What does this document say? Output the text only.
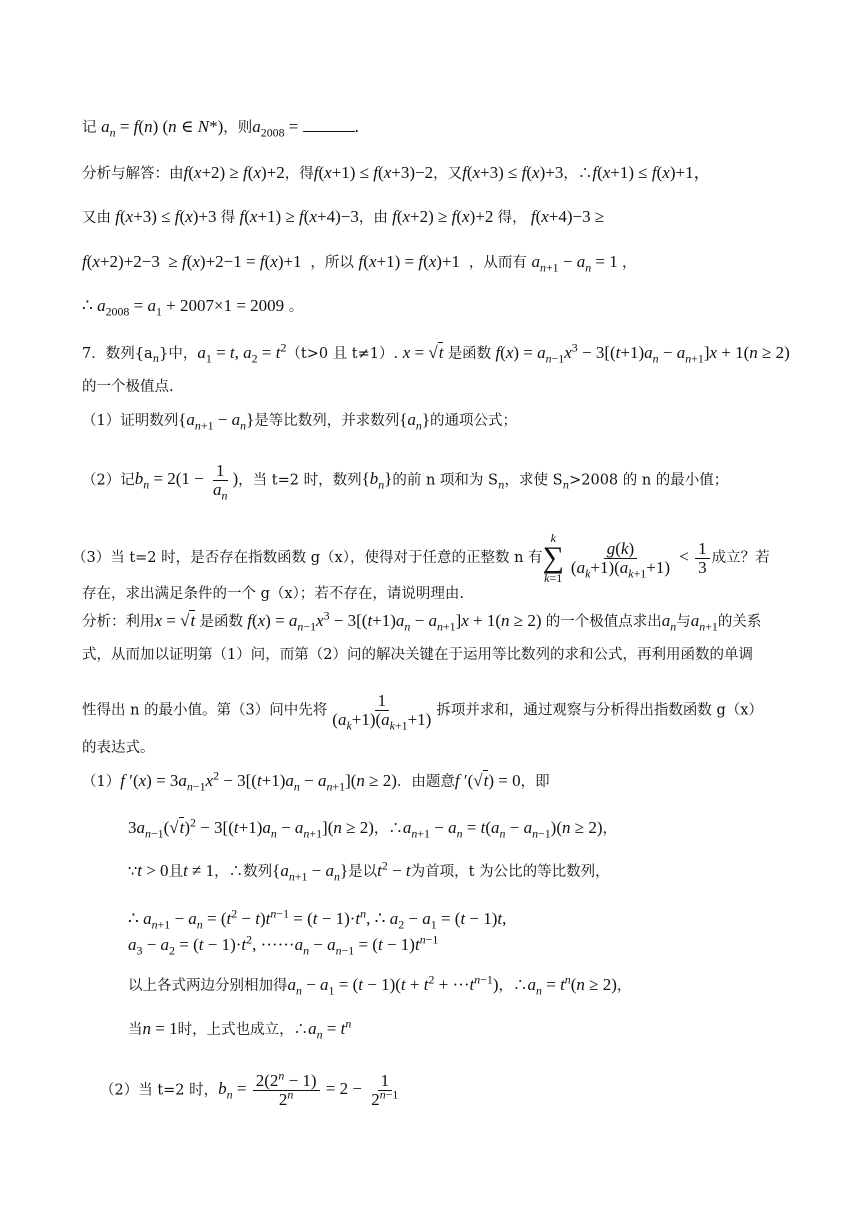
记 $a_n = f(n)$ (n ∈ N*)，则$a_{2008}$ =	.
分析与解答：由f(x+2) ≥ f(x)+2，得f(x+1) ≤ f(x+3)−2，又f(x+3) ≤ f(x)+3，∴f(x+1) ≤ f(x)+1，
又由 f(x+3) ≤ f(x)+3 得 f(x+1) ≥ f(x+4)−3，由 f(x+2) ≥ f(x)+2 得， f(x+4)−3 ≥
f(x+2)+2−3  ≥ f(x)+2−1 = f(x)+1  ，所以 f(x+1) = f(x)+1  ，从而有 $a_{n+1} - a_n = 1$ ，
∴ $a_{2008} = a_1 + 2007\times 1 = 2009$ 。
7．数列$\{a_n\}$中，$a_1 = t$, $a_2 = t^2(t>0$ 且 t≠1）. x = √t 是函数 $f(x) = a_{n-1}x^3 - 3[(t+1)a_n - a_{n+1}]x + 1(n \ge 2)$
的一个极值点.
（1）证明数列$\{a_{n+1} - a_n\}$是等比数列，并求数列$\{a_n\}$的通项公式；
（2）记$b_n = 2(1 - \frac{1}{a_n}$ )，当 t=2 时，数列$\{b_n\}$的前 n 项和为 $S_n$，求使 $S_n>2008$ 的 n 的最小值；
（3）当 t=2 时，是否存在指数函数 g（x），使得对于任意的正整数 n 有
k
∑
k=1
$\frac{g(k)}{(a_k+1)(a_{k+1}+1)} < \frac{1}{3}$ 成立？若
存在，求出满足条件的一个 g（x）；若不存在，请说明理由.
分析：利用x = √t 是函数 $f(x) = a_{n-1}x^3 - 3[(t+1)a_n - a_{n+1}]x + 1(n \ge 2)$ 的一个极值点求出$a_n$与$a_{n+1}$的关系
式，从而加以证明第（1）问，而第（2）问的解决关键在于运用等比数列的求和公式，再利用函数的单调
性得出 n 的最小值。第（3）问中先将 $\frac{1}{(a_k+1)(a_{k+1}+1)}$ 拆项并求和，通过观察与分析得出指数函数 g（x）
的表达式。
（1）f $'(x) = 3a_{n-1}x^2 - 3[(t+1)a_n - a_{n+1}](n \ge 2)$．由题意f ′(√t) = 0，即
$3a_{n-1}(√t)^2 - 3[(t+1)a_n - a_{n+1}](n \ge 2)$，$\therefore a_{n+1} - a_n = t(a_n - a_{n-1})(n \ge 2)$，
∵t > 0且t ≠ 1，∴数列$\{a_{n+1} - a_n\}$是以$t^2 - t$为首项，t 为公比的等比数列，
∴ $a_{n+1} - a_n = (t^2 - t)t^{n-1} = (t - 1)\cdot t^n$, ∴ $a_2 - a_1 = (t - 1)t$,
$a_3 - a_2 = (t - 1)\cdot t^2$, $\cdot\cdot\cdot\cdot\cdot\cdot a_n - a_{n-1} = (t - 1)t^{n-1}$
以上各式两边分别相加得$a_n - a_1 = (t - 1)(t + t^2 + \cdot\cdot\cdot t^{n-1})$，$\therefore a_n = t^n(n \ge 2)$，
当n = 1时，上式也成立，$\therefore a_n = t^n$
（2）当 t=2 时，$b_n = \frac{2(2^n - 1)}{2^n} = 2 - \frac{1}{2^{n-1}}$
